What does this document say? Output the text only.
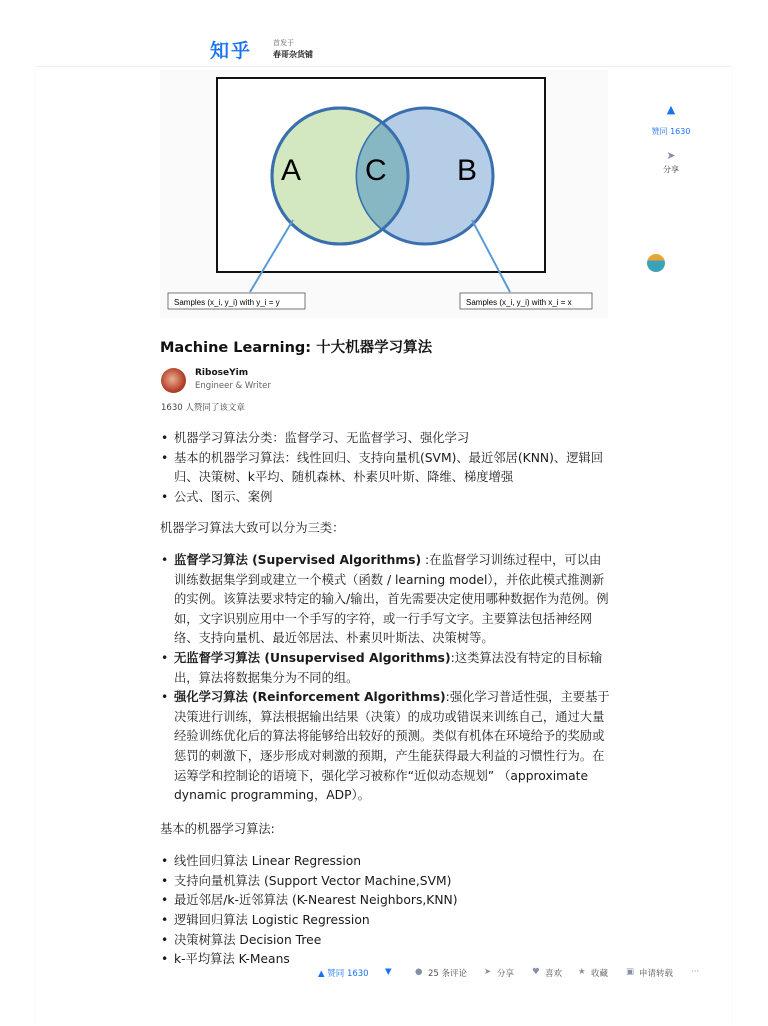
知乎	首发于
春哥杂货铺
A C B
Samples (x_i, y_i) with y_i = y	Samples (x_i, y_i) with x_i = x
▲
赞同 1630
➤
分享
Machine Learning: 十大机器学习算法
RiboseYim
Engineer & Writer
1630 人赞同了该文章
• 机器学习算法分类：监督学习、无监督学习、强化学习
• 基本的机器学习算法：线性回归、支持向量机(SVM)、最近邻居(KNN)、逻辑回归、决策树、k平均、随机森林、朴素贝叶斯、降维、梯度增强
• 公式、图示、案例

机器学习算法大致可以分为三类：

• 监督学习算法 (Supervised Algorithms) :在监督学习训练过程中，可以由训练数据集学到或建立一个模式（函数 / learning model），并依此模式推测新的实例。该算法要求特定的输入/输出，首先需要决定使用哪种数据作为范例。例如，文字识别应用中一个手写的字符，或一行手写文字。主要算法包括神经网络、支持向量机、最近邻居法、朴素贝叶斯法、决策树等。
• 无监督学习算法 (Unsupervised Algorithms):这类算法没有特定的目标输出，算法将数据集分为不同的组。
• 强化学习算法 (Reinforcement Algorithms):强化学习普适性强，主要基于决策进行训练，算法根据输出结果（决策）的成功或错误来训练自己，通过大量经验训练优化后的算法将能够给出较好的预测。类似有机体在环境给予的奖励或惩罚的刺激下，逐步形成对刺激的预期，产生能获得最大利益的习惯性行为。在运筹学和控制论的语境下，强化学习被称作“近似动态规划” （approximate dynamic programming，ADP）。

基本的机器学习算法:

• 线性回归算法 Linear Regression
• 支持向量机算法 (Support Vector Machine,SVM)
• 最近邻居/k-近邻算法 (K-Nearest Neighbors,KNN)
• 逻辑回归算法 Logistic Regression
• 决策树算法 Decision Tree
• k-平均算法 K-Means
▲ 赞同 1630 ▼	● 25 条评论 ➤ 分享 ♥ 喜欢 ★ 收藏 ▣ 申请转载 ···
